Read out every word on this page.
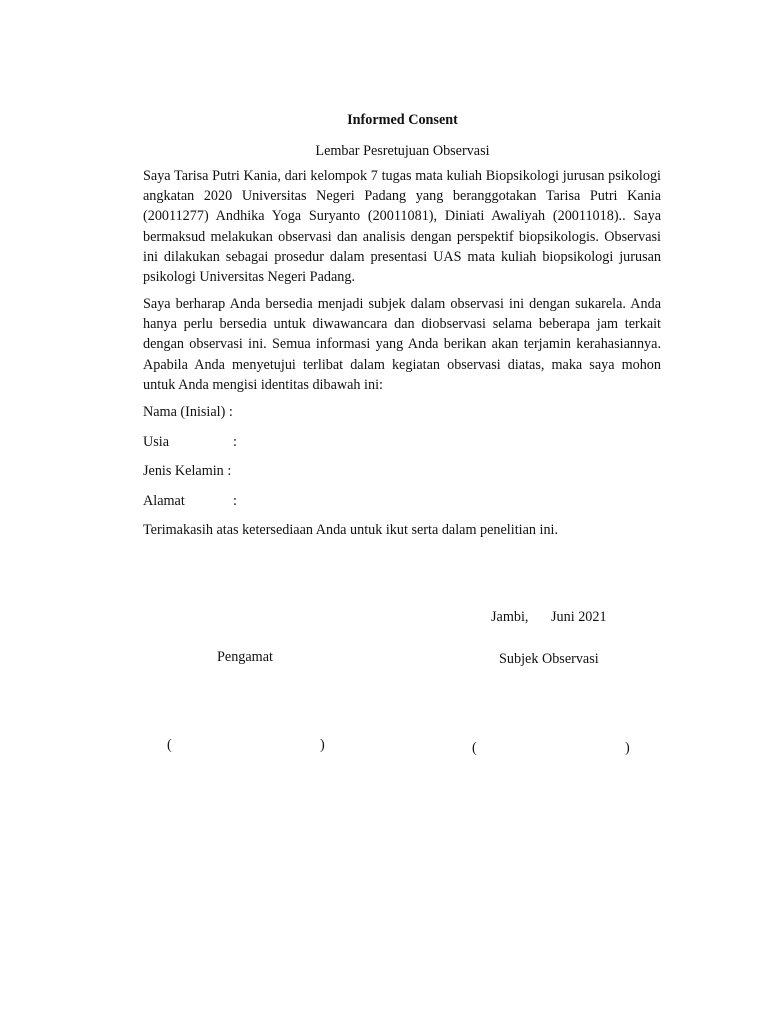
Informed Consent
Lembar Pesretujuan Observasi

Saya Tarisa Putri Kania, dari kelompok 7 tugas mata kuliah Biopsikologi jurusan psikologi angkatan 2020 Universitas Negeri Padang yang beranggotakan Tarisa Putri Kania (20011277) Andhika Yoga Suryanto (20011081), Diniati Awaliyah (20011018).. Saya bermaksud melakukan observasi dan analisis dengan perspektif biopsikologis. Observasi ini dilakukan sebagai prosedur dalam presentasi UAS mata kuliah biopsikologi jurusan psikologi Universitas Negeri Padang.

Saya berharap Anda bersedia menjadi subjek dalam observasi ini dengan sukarela. Anda hanya perlu bersedia untuk diwawancara dan diobservasi selama beberapa jam terkait dengan observasi ini. Semua informasi yang Anda berikan akan terjamin kerahasiannya. Apabila Anda menyetujui terlibat dalam kegiatan observasi diatas, maka saya mohon untuk Anda mengisi identitas dibawah ini:

Nama (Inisial) :
Usia	:
Jenis Kelamin :
Alamat	:
Terimakasih atas ketersediaan Anda untuk ikut serta dalam penelitian ini.
Jambi, Juni 2021
Pengamat	Subjek Observasi
(	)	(	)
